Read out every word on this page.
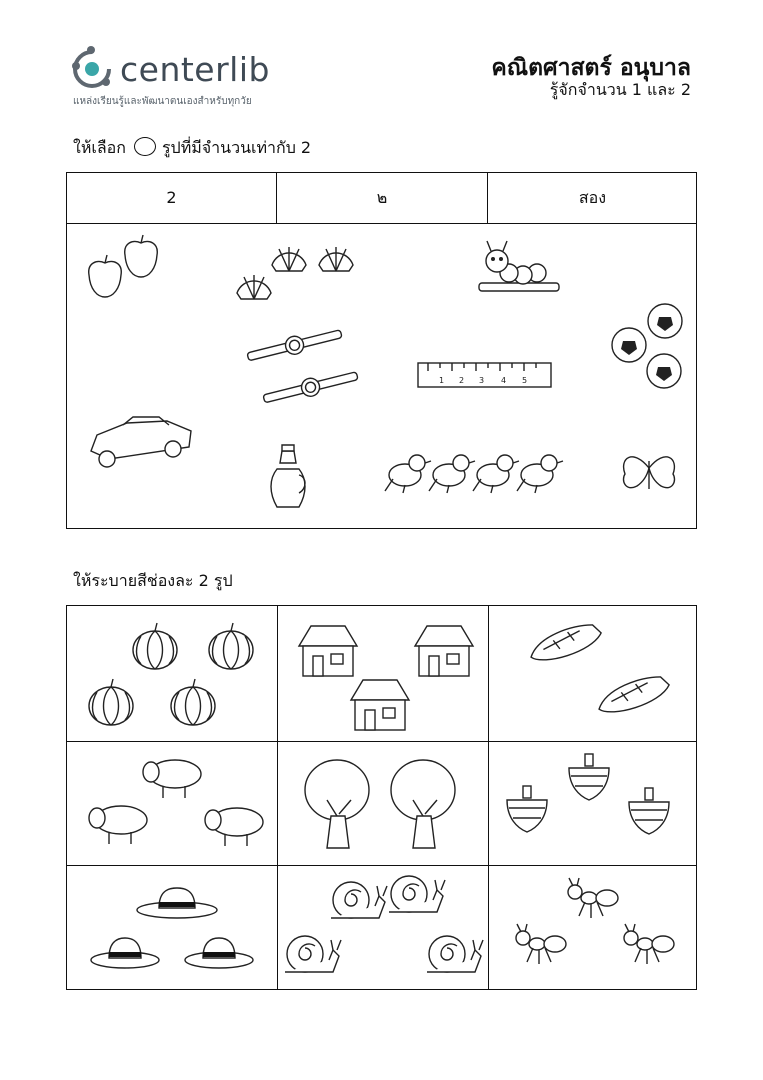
centerlib
แหล่งเรียนรู้และพัฒนาตนเองสำหรับทุกวัย
คณิตศาสตร์ อนุบาล
รู้จักจำนวน 1 และ 2
ให้เลือก รูปที่มีจำนวนเท่ากับ 2
2	๒	สอง
1 2 3 4 5
ให้ระบายสีช่องละ 2 รูป
